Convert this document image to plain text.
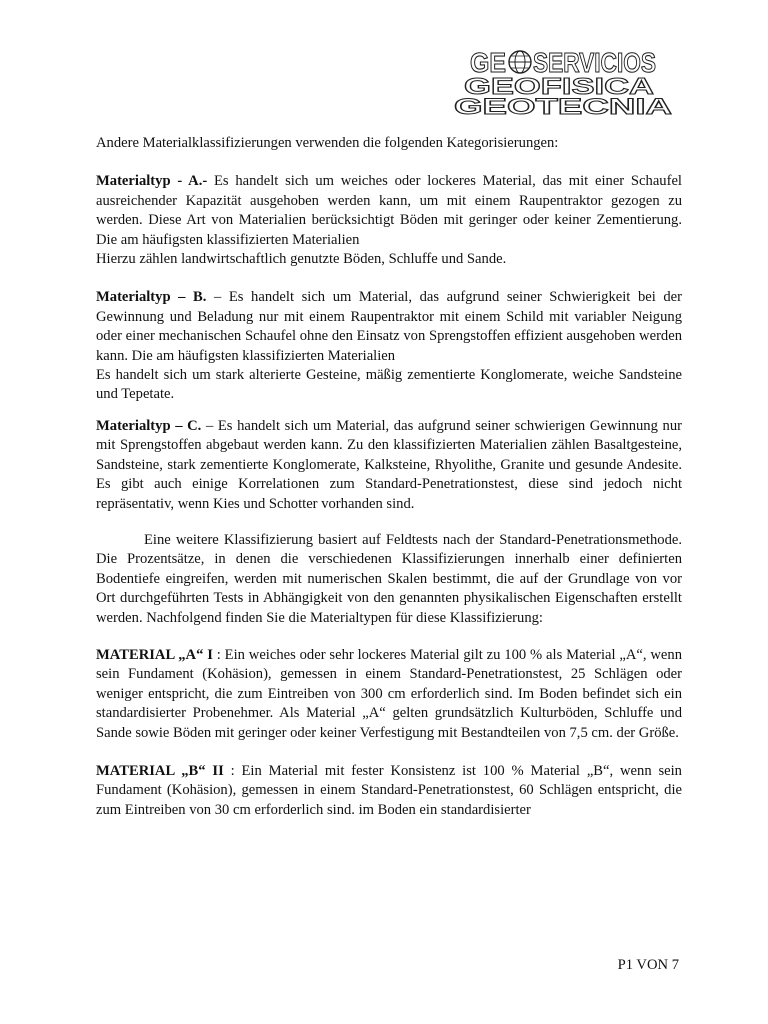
GE SERVICIOS
GEOFISICA
GEOTECNIA

Andere Materialklassifizierungen verwenden die folgenden Kategorisierungen:

Materialtyp - A.- Es handelt sich um weiches oder lockeres Material, das mit einer Schaufel ausreichender Kapazität ausgehoben werden kann, um mit einem Raupentraktor gezogen zu werden. Diese Art von Materialien berücksichtigt Böden mit geringer oder keiner Zementierung. Die am häufigsten klassifizierten Materialien

Hierzu zählen landwirtschaftlich genutzte Böden, Schluffe und Sande.

Materialtyp – B. – Es handelt sich um Material, das aufgrund seiner Schwierigkeit bei der Gewinnung und Beladung nur mit einem Raupentraktor mit einem Schild mit variabler Neigung oder einer mechanischen Schaufel ohne den Einsatz von Sprengstoffen effizient ausgehoben werden kann. Die am häufigsten klassifizierten Materialien

Es handelt sich um stark alterierte Gesteine, mäßig zementierte Konglomerate, weiche Sandsteine und Tepetate.

Materialtyp – C. – Es handelt sich um Material, das aufgrund seiner schwierigen Gewinnung nur mit Sprengstoffen abgebaut werden kann. Zu den klassifizierten Materialien zählen Basaltgesteine, Sandsteine, stark zementierte Konglomerate, Kalksteine, Rhyolithe, Granite und gesunde Andesite. Es gibt auch einige Korrelationen zum Standard-Penetrationstest, diese sind jedoch nicht repräsentativ, wenn Kies und Schotter vorhanden sind.

Eine weitere Klassifizierung basiert auf Feldtests nach der Standard-Penetrationsmethode. Die Prozentsätze, in denen die verschiedenen Klassifizierungen innerhalb einer definierten Bodentiefe eingreifen, werden mit numerischen Skalen bestimmt, die auf der Grundlage von vor Ort durchgeführten Tests in Abhängigkeit von den genannten physikalischen Eigenschaften erstellt werden. Nachfolgend finden Sie die Materialtypen für diese Klassifizierung:

MATERIAL „A“ I : Ein weiches oder sehr lockeres Material gilt zu 100 % als Material „A“, wenn sein Fundament (Kohäsion), gemessen in einem Standard-Penetrationstest, 25 Schlägen oder weniger entspricht, die zum Eintreiben von 300 cm erforderlich sind. Im Boden befindet sich ein standardisierter Probenehmer. Als Material „A“ gelten grundsätzlich Kulturböden, Schluffe und Sande sowie Böden mit geringer oder keiner Verfestigung mit Bestandteilen von 7,5 cm. der Größe.

MATERIAL „B“ II : Ein Material mit fester Konsistenz ist 100 % Material „B“, wenn sein Fundament (Kohäsion), gemessen in einem Standard-Penetrationstest, 60 Schlägen entspricht, die zum Eintreiben von 30 cm erforderlich sind. im Boden ein standardisierter

P1 VON 7
